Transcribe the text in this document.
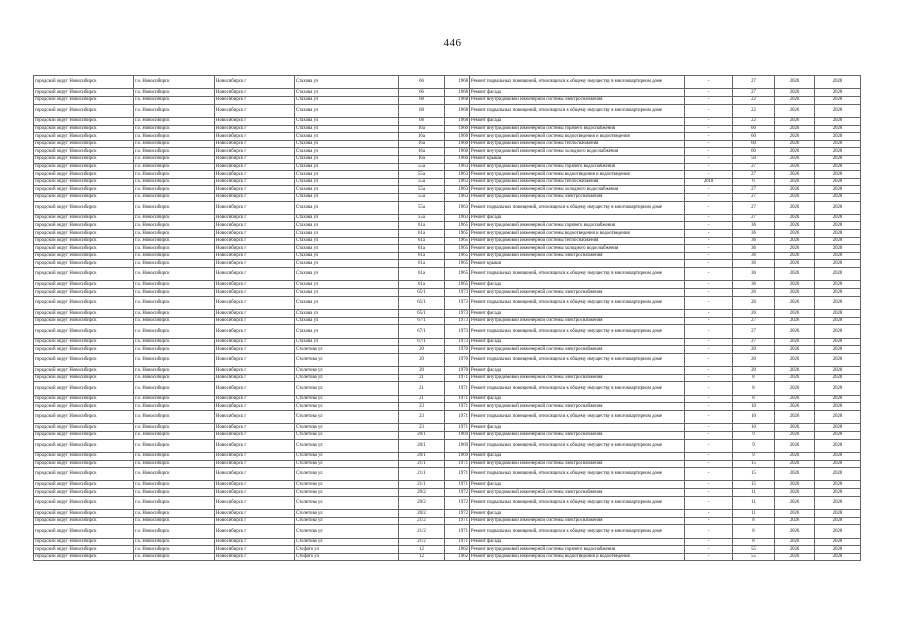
446
городской округ Новосибирск	г.о. Новосибирск	Новосибирск г	Стахова ул	66	1968	Ремонт подвальных помещений, относящихся к общему имуществу в многоквартирном доме	-	27	2026	2028
городской округ Новосибирск	г.о. Новосибирск	Новосибирск г	Стахова ул	66	1968	Ремонт фасада	-	27	2026	2028
городской округ Новосибирск	г.о. Новосибирск	Новосибирск г	Стахова ул	68	1968	Ремонт внутридомовой инженерной системы электроснабжения	-	22	2026	2028
городской округ Новосибирск	г.о. Новосибирск	Новосибирск г	Стахова ул	68	1968	Ремонт подвальных помещений, относящихся к общему имуществу в многоквартирном доме	-	22	2026	2028
городской округ Новосибирск	г.о. Новосибирск	Новосибирск г	Стахова ул	68	1968	Ремонт фасада	-	22	2026	2028
городской округ Новосибирск	г.о. Новосибирск	Новосибирск г	Стахова ул	16а	1960	Ремонт внутридомовой инженерной системы горячего водоснабжения	-	60	2026	2028
городской округ Новосибирск	г.о. Новосибирск	Новосибирск г	Стахова ул	16а	1960	Ремонт внутридомовой инженерной системы водоотведения и водоотведения	-	60	2026	2028
городской округ Новосибирск	г.о. Новосибирск	Новосибирск г	Стахова ул	16а	1960	Ремонт внутридомовой инженерной системы теплоснабжения	-	60	2026	2028
городской округ Новосибирск	г.о. Новосибирск	Новосибирск г	Стахова ул	16а	1960	Ремонт внутридомовой инженерной системы холодного водоснабжения	-	60	2026	2028
городской округ Новосибирск	г.о. Новосибирск	Новосибирск г	Стахова ул	16а	1960	Ремонт крыши	-	50	2026	2028
городской округ Новосибирск	г.о. Новосибирск	Новосибирск г	Стахова ул	55а	1963	Ремонт внутридомовой инженерной системы горячего водоснабжения	-	27	2026	2028
городской округ Новосибирск	г.о. Новосибирск	Новосибирск г	Стахова ул	55а	1963	Ремонт внутридомовой инженерной системы водоотведения и водоотведения	-	27	2026	2028
городской округ Новосибирск	г.о. Новосибирск	Новосибирск г	Стахова ул	55а	1963	Ремонт внутридомовой инженерной системы теплоснабжения	2018	6	2026	2028
городской округ Новосибирск	г.о. Новосибирск	Новосибирск г	Стахова ул	55а	1963	Ремонт внутридомовой инженерной системы холодного водоснабжения	-	27	2026	2028
городской округ Новосибирск	г.о. Новосибирск	Новосибирск г	Стахова ул	55а	1963	Ремонт внутридомовой инженерной системы электроснабжения	-	27	2026	2028
городской округ Новосибирск	г.о. Новосибирск	Новосибирск г	Стахова ул	55а	1963	Ремонт подвальных помещений, относящихся к общему имуществу в многоквартирном доме	-	27	2026	2028
городской округ Новосибирск	г.о. Новосибирск	Новосибирск г	Стахова ул	55а	1963	Ремонт фасада	-	27	2026	2028
городской округ Новосибирск	г.о. Новосибирск	Новосибирск г	Стахова ул	61а	1965	Ремонт внутридомовой инженерной системы горячего водоснабжения	-	36	2026	2028
городской округ Новосибирск	г.о. Новосибирск	Новосибирск г	Стахова ул	61а	1965	Ремонт внутридомовой инженерной системы водоотведения и водоотведения	-	36	2026	2028
городской округ Новосибирск	г.о. Новосибирск	Новосибирск г	Стахова ул	61а	1965	Ремонт внутридомовой инженерной системы теплоснабжения	-	36	2026	2028
городской округ Новосибирск	г.о. Новосибирск	Новосибирск г	Стахова ул	61а	1965	Ремонт внутридомовой инженерной системы холодного водоснабжения	-	36	2026	2028
городской округ Новосибирск	г.о. Новосибирск	Новосибирск г	Стахова ул	61а	1965	Ремонт внутридомовой инженерной системы электроснабжения	-	36	2026	2028
городской округ Новосибирск	г.о. Новосибирск	Новосибирск г	Стахова ул	61а	1965	Ремонт крыши	-	36	2026	2028
городской округ Новосибирск	г.о. Новосибирск	Новосибирск г	Стахова ул	61а	1965	Ремонт подвальных помещений, относящихся к общему имуществу в многоквартирном доме	-	36	2026	2028
городской округ Новосибирск	г.о. Новосибирск	Новосибирск г	Стахова ул	61а	1965	Ремонт фасада	-	36	2026	2028
городской округ Новосибирск	г.о. Новосибирск	Новосибирск г	Стахова ул	65/1	1973	Ремонт внутридомовой инженерной системы электроснабжения	-	26	2026	2028
городской округ Новосибирск	г.о. Новосибирск	Новосибирск г	Стахова ул	65/1	1973	Ремонт подвальных помещений, относящихся к общему имуществу в многоквартирном доме	-	26	2026	2028
городской округ Новосибирск	г.о. Новосибирск	Новосибирск г	Стахова ул	65/1	1973	Ремонт фасада	-	26	2026	2028
городской округ Новосибирск	г.о. Новосибирск	Новосибирск г	Стахова ул	67/1	1973	Ремонт внутридомовой инженерной системы электроснабжения	-	27	2026	2028
городской округ Новосибирск	г.о. Новосибирск	Новосибирск г	Стахова ул	67/1	1973	Ремонт подвальных помещений, относящихся к общему имуществу в многоквартирном доме	-	27	2026	2028
городской округ Новосибирск	г.о. Новосибирск	Новосибирск г	Стахова ул	67/1	1973	Ремонт фасада	-	27	2026	2028
городской округ Новосибирск	г.о. Новосибирск	Новосибирск г	Столетова ул	20	1970	Ремонт внутридомовой инженерной системы электроснабжения	-	20	2026	2028
городской округ Новосибирск	г.о. Новосибирск	Новосибирск г	Столетова ул	20	1970	Ремонт подвальных помещений, относящихся к общему имуществу в многоквартирном доме	-	20	2026	2028
городской округ Новосибирск	г.о. Новосибирск	Новосибирск г	Столетова ул	20	1970	Ремонт фасада	-	20	2026	2028
городской округ Новосибирск	г.о. Новосибирск	Новосибирск г	Столетова ул	21	1971	Ремонт внутридомовой инженерной системы электроснабжения	-	8	2026	2028
городской округ Новосибирск	г.о. Новосибирск	Новосибирск г	Столетова ул	21	1971	Ремонт подвальных помещений, относящихся к общему имуществу в многоквартирном доме	-	8	2026	2028
городской округ Новосибирск	г.о. Новосибирск	Новосибирск г	Столетова ул	21	1971	Ремонт фасада	-	8	2026	2028
городской округ Новосибирск	г.о. Новосибирск	Новосибирск г	Столетова ул	23	1971	Ремонт внутридомовой инженерной системы электроснабжения	-	10	2026	2028
городской округ Новосибирск	г.о. Новосибирск	Новосибирск г	Столетова ул	23	1971	Ремонт подвальных помещений, относящихся к общему имуществу в многоквартирном доме	-	10	2026	2028
городской округ Новосибирск	г.о. Новосибирск	Новосибирск г	Столетова ул	23	1971	Ремонт фасада	-	10	2026	2028
городской округ Новосибирск	г.о. Новосибирск	Новосибирск г	Столетова ул	20/1	1969	Ремонт внутридомовой инженерной системы электроснабжения	-	9	2026	2028
городской округ Новосибирск	г.о. Новосибирск	Новосибирск г	Столетова ул	20/1	1969	Ремонт подвальных помещений, относящихся к общему имуществу в многоквартирном доме	-	9	2026	2028
городской округ Новосибирск	г.о. Новосибирск	Новосибирск г	Столетова ул	20/1	1969	Ремонт фасада	-	9	2026	2028
городской округ Новосибирск	г.о. Новосибирск	Новосибирск г	Столетова ул	21/1	1971	Ремонт внутридомовой инженерной системы электроснабжения	-	15	2026	2028
городской округ Новосибирск	г.о. Новосибирск	Новосибирск г	Столетова ул	21/1	1971	Ремонт подвальных помещений, относящихся к общему имуществу в многоквартирном доме	-	15	2026	2028
городской округ Новосибирск	г.о. Новосибирск	Новосибирск г	Столетова ул	21/1	1971	Ремонт фасада	-	15	2026	2028
городской округ Новосибирск	г.о. Новосибирск	Новосибирск г	Столетова ул	20/2	1972	Ремонт внутридомовой инженерной системы электроснабжения	-	11	2026	2028
городской округ Новосибирск	г.о. Новосибирск	Новосибирск г	Столетова ул	20/2	1972	Ремонт подвальных помещений, относящихся к общему имуществу в многоквартирном доме	-	11	2026	2028
городской округ Новосибирск	г.о. Новосибирск	Новосибирск г	Столетова ул	20/2	1972	Ремонт фасада	-	11	2026	2028
городской округ Новосибирск	г.о. Новосибирск	Новосибирск г	Столетова ул	21/2	1971	Ремонт внутридомовой инженерной системы электроснабжения	-	8	2026	2028
городской округ Новосибирск	г.о. Новосибирск	Новосибирск г	Столетова ул	21/2	1971	Ремонт подвальных помещений, относящихся к общему имуществу в многоквартирном доме	-	8	2026	2028
городской округ Новосибирск	г.о. Новосибирск	Новосибирск г	Столетова ул	21/2	1971	Ремонт фасада	-	8	2026	2028
городской округ Новосибирск	г.о. Новосибирск	Новосибирск г	Стофато ул	12	1962	Ремонт внутридомовой инженерной системы горячего водоснабжения	-	55	2026	2028
городской округ Новосибирск	г.о. Новосибирск	Новосибирск г	Стофато ул	12	1962	Ремонт внутридомовой инженерной системы водоотведения и водоотведения	-	55	2026	2028
